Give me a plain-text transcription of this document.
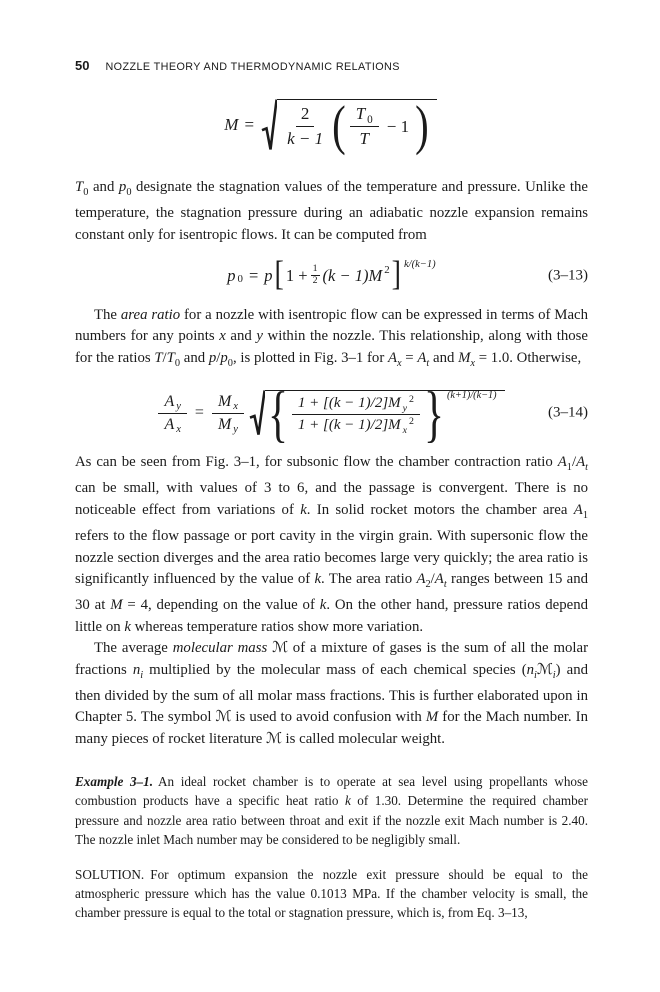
50 NOZZLE THEORY AND THERMODYNAMIC RELATIONS
$M = \frac{2}{k - 1}$ ( $\frac{T _0}{T} - 1$ )

$T_0$ and $p_0$ designate the stagnation values of the temperature and pressure. Unlike the temperature, the stagnation pressure during an adiabatic nozzle expansion remains constant only for isentropic flows. It can be computed from

p 0 = p [ $1 + \frac{1}{2} (k - 1)M$ 2 ] k/(k−1)
(3–13)

The area ratio for a nozzle with isentropic flow can be expressed in terms of Mach numbers for any points x and y within the nozzle. This relationship, along with those for the ratios $T/T_0$ and $p/p_0$, is plotted in Fig. 3–1 for $A_x = A_t$ and $M_x = 1.0$. Otherwise,

$\frac{A _y}{A _x} = \frac{M _x}{M _y}$ { $\frac{1 + [(k - 1)/2]M _y^2}{1 + [(k - 1)/2]M _x^2}$ } (k+1)/(k−1)
(3–14)

As can be seen from Fig. 3–1, for subsonic flow the chamber contraction ratio $A_1/A_t$ can be small, with values of 3 to 6, and the passage is convergent. There is no noticeable effect from variations of k. In solid rocket motors the chamber area $A_1$ refers to the flow passage or port cavity in the virgin grain. With supersonic flow the nozzle section diverges and the area ratio becomes large very quickly; the area ratio is significantly influenced by the value of k. The area ratio $A_2/A_t$ ranges between 15 and 30 at M = 4, depending on the value of k. On the other hand, pressure ratios depend little on k whereas temperature ratios show more variation.

The average molecular mass ℳ of a mixture of gases is the sum of all the molar fractions $n_i$ multiplied by the molecular mass of each chemical species $(n_iℳ_i)$ and then divided by the sum of all molar mass fractions. This is further elaborated upon in Chapter 5. The symbol ℳ is used to avoid confusion with M for the Mach number. In many pieces of rocket literature ℳ is called molecular weight.

Example 3–1. An ideal rocket chamber is to operate at sea level using propellants whose combustion products have a specific heat ratio k of 1.30. Determine the required chamber pressure and nozzle area ratio between throat and exit if the nozzle exit Mach number is 2.40. The nozzle inlet Mach number may be considered to be negligibly small.

SOLUTION. For optimum expansion the nozzle exit pressure should be equal to the atmospheric pressure which has the value 0.1013 MPa. If the chamber velocity is small, the chamber pressure is equal to the total or stagnation pressure, which is, from Eq. 3–13,
